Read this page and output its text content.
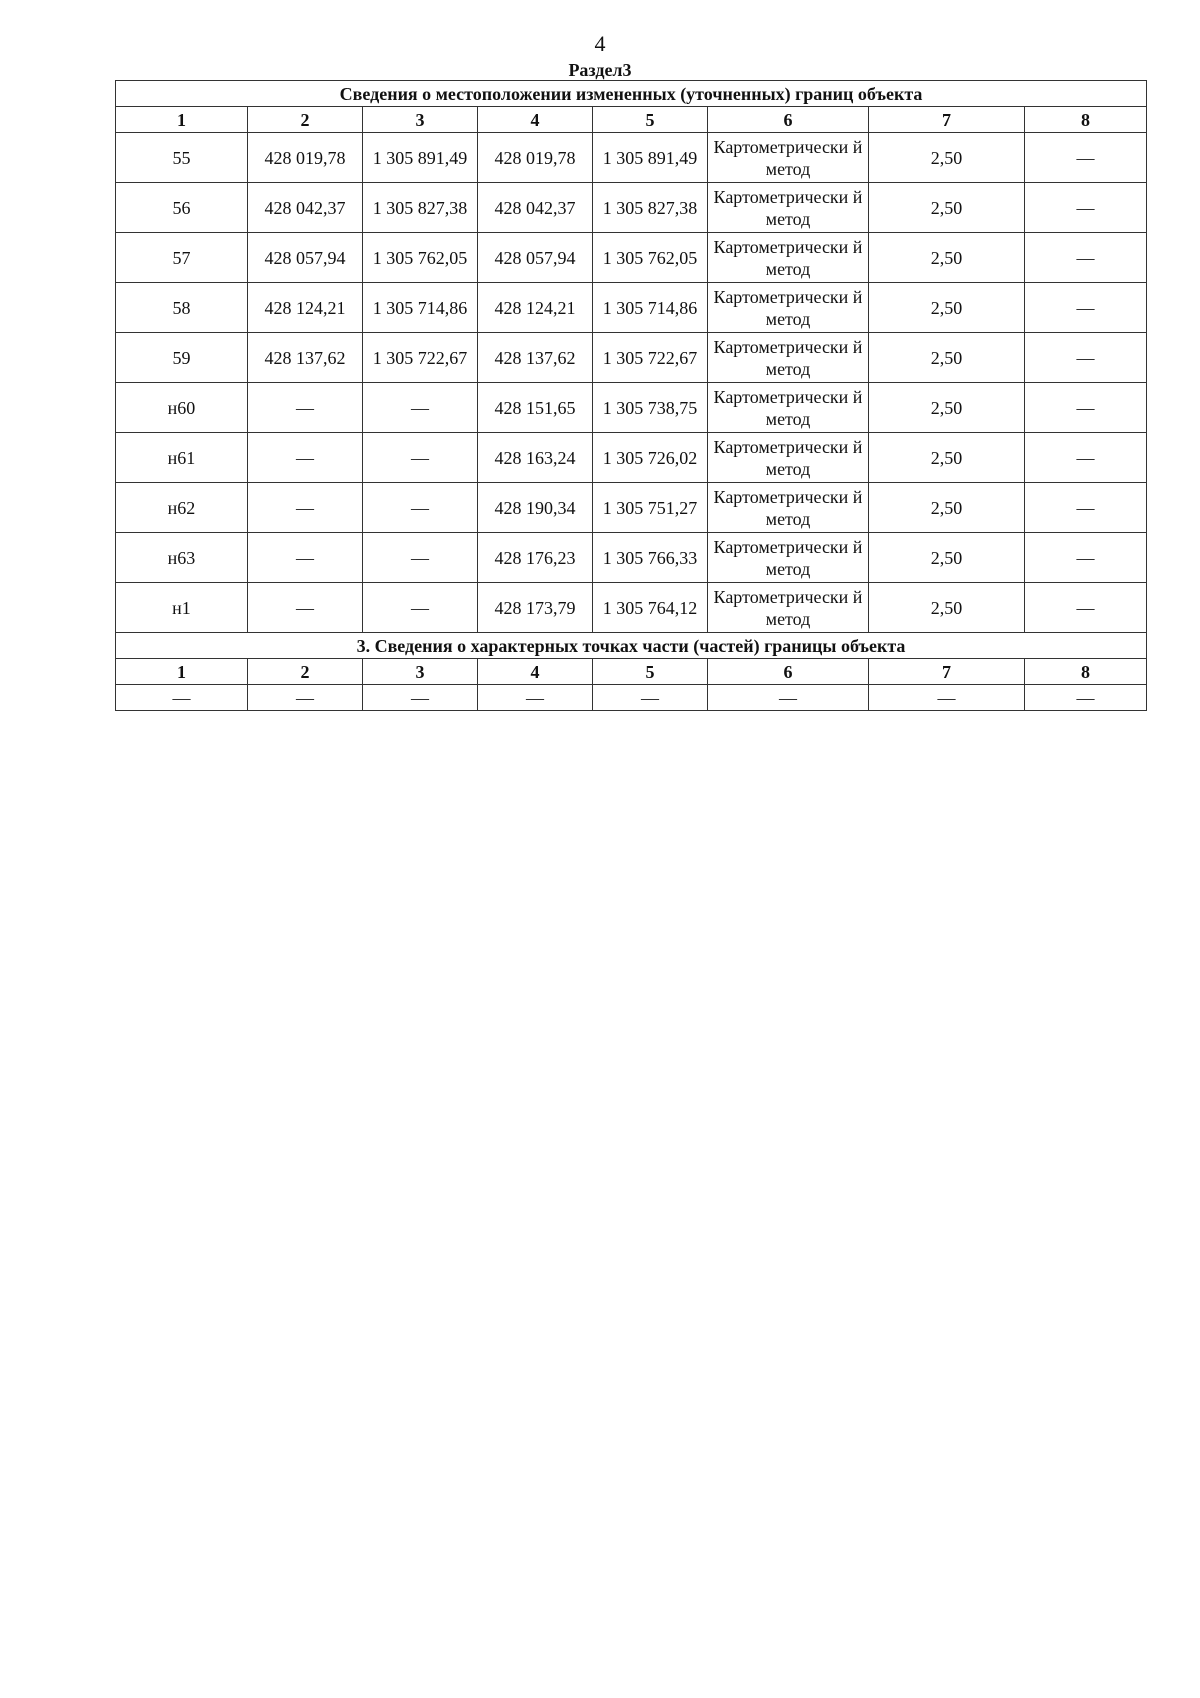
4
Раздел3
Сведения о местоположении измененных (уточненных) границ объекта							
1	2	3	4	5	6	7	8
55	428 019,78	1 305 891,49	428 019,78	1 305 891,49	Картометрически й метод	2,50	—
56	428 042,37	1 305 827,38	428 042,37	1 305 827,38	Картометрически й метод	2,50	—
57	428 057,94	1 305 762,05	428 057,94	1 305 762,05	Картометрически й метод	2,50	—
58	428 124,21	1 305 714,86	428 124,21	1 305 714,86	Картометрически й метод	2,50	—
59	428 137,62	1 305 722,67	428 137,62	1 305 722,67	Картометрически й метод	2,50	—
н60	—	—	428 151,65	1 305 738,75	Картометрически й метод	2,50	—
н61	—	—	428 163,24	1 305 726,02	Картометрически й метод	2,50	—
н62	—	—	428 190,34	1 305 751,27	Картометрически й метод	2,50	—
н63	—	—	428 176,23	1 305 766,33	Картометрически й метод	2,50	—
н1	—	—	428 173,79	1 305 764,12	Картометрически й метод	2,50	—
3. Сведения о характерных точках части (частей) границы объекта							
1	2	3	4	5	6	7	8
—	—	—	—	—	—	—	—
